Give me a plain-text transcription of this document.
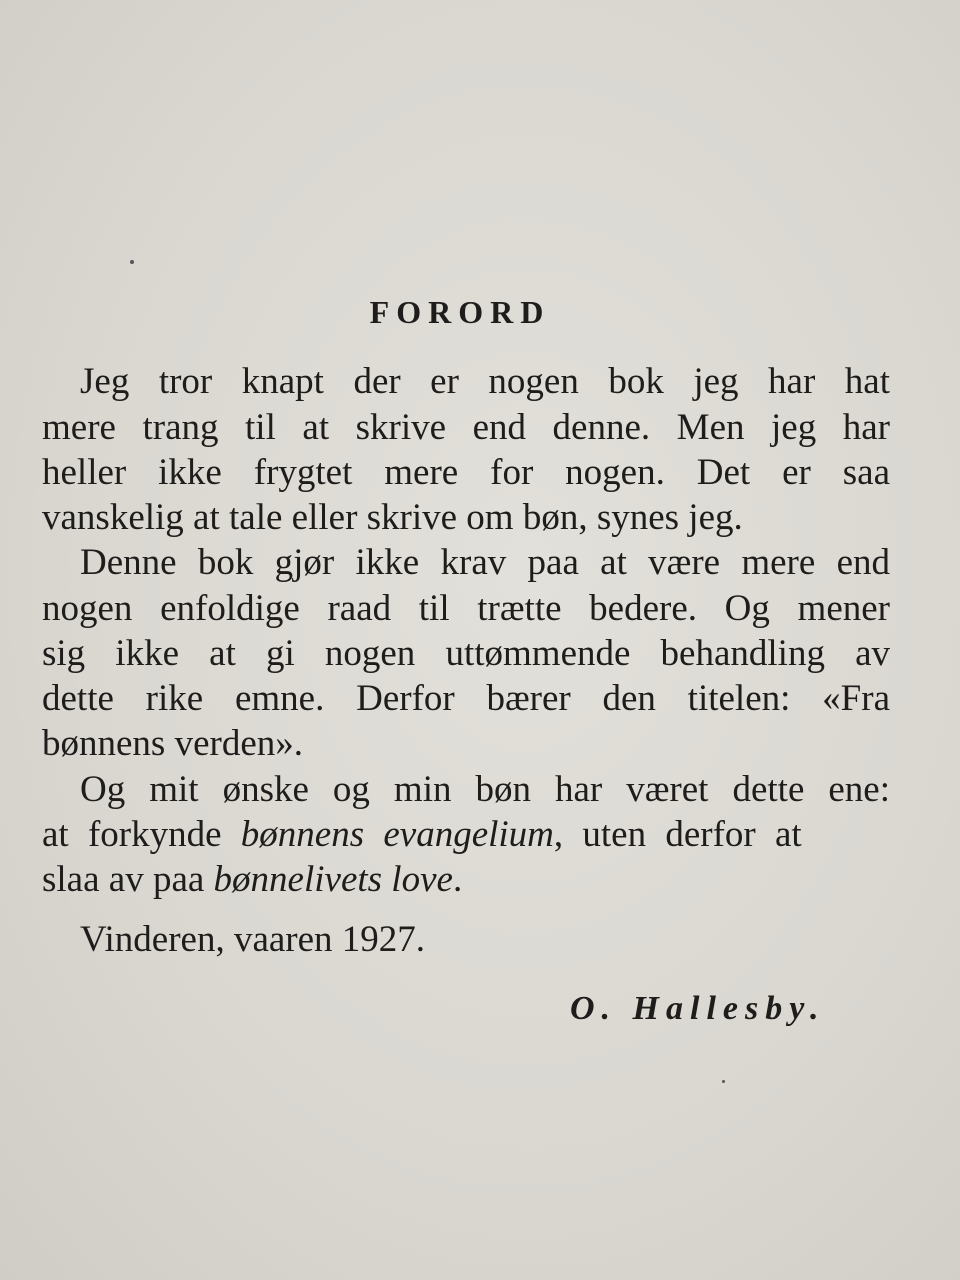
FORORD
Jeg tror knapt der er nogen bok jeg har hat
mere trang til at skrive end denne. Men jeg har
heller ikke frygtet mere for nogen. Det er saa
vanskelig at tale eller skrive om bøn, synes jeg.
Denne bok gjør ikke krav paa at være mere end
nogen enfoldige raad til trætte bedere. Og mener
sig ikke at gi nogen uttømmende behandling av
dette rike emne. Derfor bærer den titelen: «Fra
bønnens verden».
Og mit ønske og min bøn har været dette ene:
at forkynde bønnens evangelium, uten derfor at
slaa av paa bønnelivets love.
Vinderen, vaaren 1927.
O. Hallesby.
